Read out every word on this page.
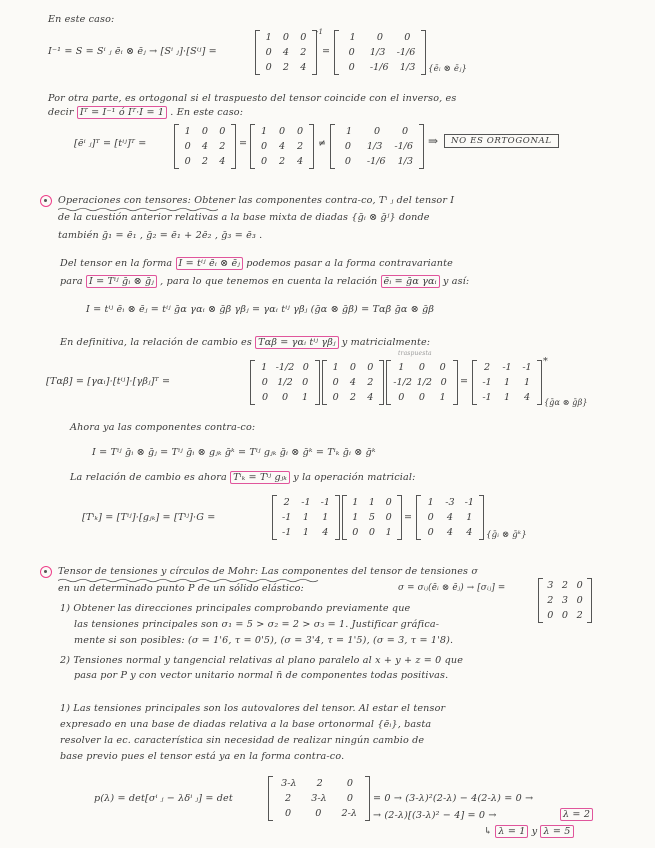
En este caso:
I⁻¹ = S = Sⁱ ⱼ ēᵢ ⊗ ēⱼ → [Sⁱ ⱼ]·[Sⁱʲ] =
1	0	0
0	4	2
0	2	4
-1
=
1	0	0
0	1/3 -1/6
0	-1/6 1/3 {ēᵢ ⊗ ēⱼ}
Por otra parte, es ortogonal si el traspuesto del tensor coincide con el inverso, es
decir Iᵀ = I⁻¹ ó Iᵀ·I = 1 . En este caso:
[ēⁱ ⱼ]ᵀ = [tⁱʲ]ᵀ =
1	0	0
0	4	2
0	2	4
=
1	0	0
0	4	2
0	2	4
≠
1	0	0
0	1/3 -1/6
0	-1/6 1/3
⇒	NO ES ORTOGONAL
Operaciones con tensores: Obtener las componentes contra-co, Tⁱ ⱼ del tensor I
de la cuestión anterior relativas a la base mixta de diadas {ḡᵢ ⊗ ḡʲ} donde
también ḡ₁ = ē₁ , ḡ₂ = ē₁ + 2ē₂ , ḡ₃ = ē₃ .
Del tensor en la forma I = tⁱʲ ēᵢ ⊗ ēⱼ podemos pasar a la forma contravariante
para I = Tⁱʲ ḡᵢ ⊗ ḡⱼ , para lo que tenemos en cuenta la relación ēᵢ = ḡα γαᵢ y así:
I = tⁱʲ ēᵢ ⊗ ēⱼ = tⁱʲ ḡα γαᵢ ⊗ ḡβ γβⱼ = γαᵢ tⁱʲ γβⱼ (ḡα ⊗ ḡβ) = Tαβ ḡα ⊗ ḡβ
En definitiva, la relación de cambio es Tαβ = γαᵢ tⁱʲ γβⱼ y matricialmente:
traspuesta
[Tαβ] = [γαᵢ]·[tⁱʲ]·[γβⱼ]ᵀ =
1 -1/2 0
0 1/2 0
0	0	1
1	0	0
0	4	2
0	2	4
1	0	0
-1/2 1/2 0
0	0	1
=
2	-1 -1
-1	1	1
-1	1	4
*
{ḡα ⊗ ḡβ}
Ahora ya las componentes contra-co:
I = Tⁱʲ ḡᵢ ⊗ ḡⱼ = Tⁱʲ ḡᵢ ⊗ gⱼₖ ḡᵏ = Tⁱʲ gⱼₖ ḡᵢ ⊗ ḡᵏ = Tⁱₖ ḡᵢ ⊗ ḡᵏ
La relación de cambio es ahora Tⁱₖ = Tⁱʲ gⱼₖ y la operación matricial:
[Tⁱₖ] = [Tⁱʲ]·[gⱼₖ] = [Tⁱʲ]·G =
2	-1 -1
-1	1	1
-1	1	4
1	1	0
1	5	0
0	0	1
=
1	-3 -1
0	4	1
0	4	4	{ḡᵢ ⊗ ḡᵏ}
Tensor de tensiones y círculos de Mohr: Las componentes del tensor de tensiones σ
en un determinado punto P de un sólido elástico:	σ = σᵢⱼ(ēᵢ ⊗ ēⱼ) → [σᵢⱼ] =	3 2 0
2 3 0
0 0 2
1) Obtener las direcciones principales comprobando previamente que
las tensiones principales son σ₁ = 5 > σ₂ = 2 > σ₃ = 1. Justificar gráfica-
mente si son posibles: (σ = 1'6, τ = 0'5), (σ = 3'4, τ = 1'5), (σ = 3, τ = 1'8).
2) Tensiones normal y tangencial relativas al plano paralelo al x + y + z = 0 que
pasa por P y con vector unitario normal n̄ de componentes todas positivas.
1) Las tensiones principales son los autovalores del tensor. Al estar el tensor
expresado en una base de diadas relativa a la base ortonormal {ēᵢ}, basta
resolver la ec. característica sin necesidad de realizar ningún cambio de
base previo pues el tensor está ya en la forma contra-co.
p(λ) = det[σⁱ ⱼ − λδⁱ ⱼ] = det
3-λ	2	0
2	3-λ	0
0	0	2-λ
= 0 → (3-λ)²(2-λ) − 4(2-λ) = 0 →
→ (2-λ)[(3-λ)² − 4] = 0 →	λ = 2
↳ λ = 1 y λ = 5
